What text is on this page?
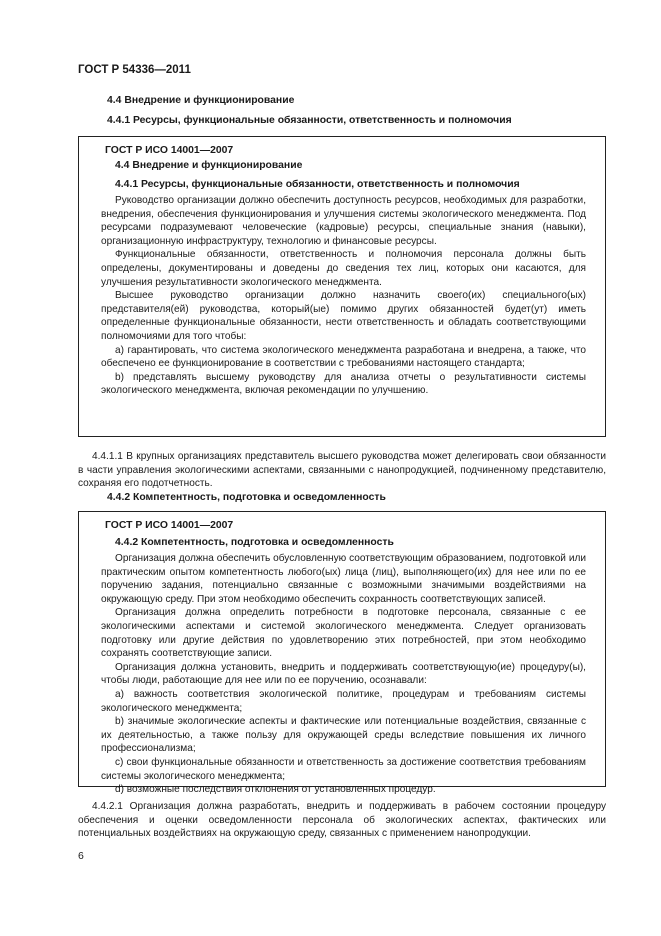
ГОСТ Р 54336—2011
4.4 Внедрение и функционирование
4.4.1 Ресурсы, функциональные обязанности, ответственность и полномочия
ГОСТ Р ИСО 14001—2007
4.4 Внедрение и функционирование
4.4.1 Ресурсы, функциональные обязанности, ответственность и полномочия

Руководство организации должно обеспечить доступность ресурсов, необходимых для разработки, внедрения, обеспечения функционирования и улучшения системы экологического менеджмента. Под ресурсами подразумевают человеческие (кадровые) ресурсы, специальные знания (навыки), организационную инфраструктуру, технологию и финансовые ресурсы.

Функциональные обязанности, ответственность и полномочия персонала должны быть определены, документированы и доведены до сведения тех лиц, которых они касаются, для улучшения результативности экологического менеджмента.

Высшее руководство организации должно назначить своего(их) специального(ых) представителя(ей) руководства, который(ые) помимо других обязанностей будет(ут) иметь определенные функциональные обязанности, нести ответственность и обладать соответствующими полномочиями для того чтобы:

а) гарантировать, что система экологического менеджмента разработана и внедрена, а также, что обеспечено ее функционирование в соответствии с требованиями настоящего стандарта;

b) представлять высшему руководству для анализа отчеты о результативности системы экологического менеджмента, включая рекомендации по улучшению.

4.4.1.1 В крупных организациях представитель высшего руководства может делегировать свои обязанности в части управления экологическими аспектами, связанными с нанопродукцией, подчиненному представителю, сохраняя его подотчетность.

4.4.2 Компетентность, подготовка и осведомленность
ГОСТ Р ИСО 14001—2007
4.4.2 Компетентность, подготовка и осведомленность

Организация должна обеспечить обусловленную соответствующим образованием, подготовкой или практическим опытом компетентность любого(ых) лица (лиц), выполняющего(их) для нее или по ее поручению задания, потенциально связанные с возможными значимыми воздействиями на окружающую среду. При этом необходимо обеспечить сохранность соответствующих записей.

Организация должна определить потребности в подготовке персонала, связанные с ее экологическими аспектами и системой экологического менеджмента. Следует организовать подготовку или другие действия по удовлетворению этих потребностей, при этом необходимо сохранять соответствующие записи.

Организация должна установить, внедрить и поддерживать соответствующую(ие) процедуру(ы), чтобы люди, работающие для нее или по ее поручению, осознавали:

а) важность соответствия экологической политике, процедурам и требованиям системы экологического менеджмента;

b) значимые экологические аспекты и фактические или потенциальные воздействия, связанные с их деятельностью, а также пользу для окружающей среды вследствие повышения их личного профессионализма;

c) свои функциональные обязанности и ответственность за достижение соответствия требованиям системы экологического менеджмента;

d) возможные последствия отклонения от установленных процедур.

4.4.2.1 Организация должна разработать, внедрить и поддерживать в рабочем состоянии процедуру обеспечения и оценки осведомленности персонала об экологических аспектах, фактических или потенциальных воздействиях на окружающую среду, связанных с применением нанопродукции.

6
